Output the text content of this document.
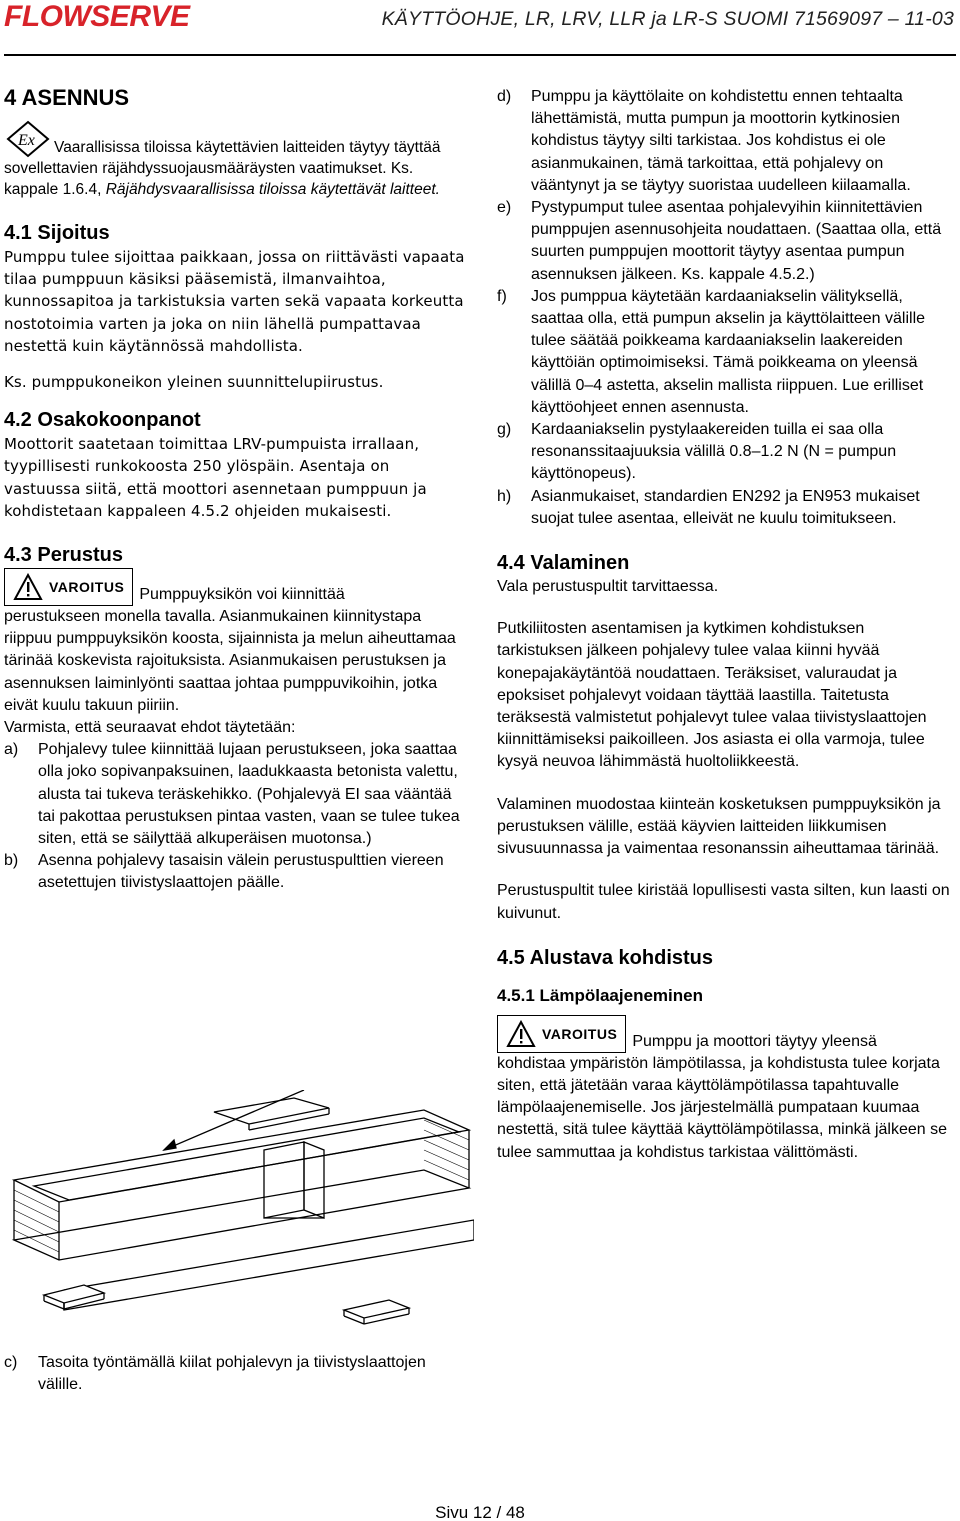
FLOWSERVE	KÄYTTÖOHJE, LR, LRV, LLR ja LR-S SUOMI 71569097 – 11-03
4 ASENNUS

Ex Vaarallisissa tiloissa käytettävien laitteiden täytyy täyttää sovellettavien räjähdyssuojausmääräysten vaatimukset. Ks. kappale 1.6.4, Räjähdysvaarallisissa tiloissa käytettävät laitteet.

4.1 Sijoitus

Pumppu tulee sijoittaa paikkaan, jossa on riittävästi vapaata tilaa pumppuun käsiksi pääsemistä, ilmanvaihtoa, kunnossapitoa ja tarkistuksia varten sekä vapaata korkeutta nostotoimia varten ja joka on niin lähellä pumpattavaa nestettä kuin käytännössä mahdollista.

Ks. pumppukoneikon yleinen suunnittelupiirustus.

4.2 Osakokoonpanot

Moottorit saatetaan toimittaa LRV-pumpuista irrallaan, tyypillisesti runkokoosta 250 ylöspäin. Asentaja on vastuussa siitä, että moottori asennetaan pumppuun ja kohdistetaan kappaleen 4.5.2 ohjeiden mukaisesti.

4.3 Perustus

VAROITUS Pumppuyksikön voi kiinnittää

perustukseen monella tavalla. Asianmukainen kiinnitystapa riippuu pumppuyksikön koosta, sijainnista ja melun aiheuttamaa tärinää koskevista rajoituksista. Asianmukaisen perustuksen ja asennuksen laiminlyönti saattaa johtaa pumppuvikoihin, jotka eivät kuulu takuun piiriin.

Varmista, että seuraavat ehdot täytetään:

a) Pohjalevy tulee kiinnittää lujaan perustukseen, joka saattaa olla joko sopivanpaksuinen, laadukkaasta betonista valettu, alusta tai tukeva teräskehikko. (Pohjalevyä EI saa vääntää tai pakottaa perustuksen pintaa vasten, vaan se tulee tukea siten, että se säilyttää alkuperäisen muotonsa.)
b) Asenna pohjalevy tasaisin välein perustuspulttien viereen asetettujen tiivistyslaattojen päälle.
c) Tasoita työntämällä kiilat pohjalevyn ja tiivistyslaattojen välille.
d) Pumppu ja käyttölaite on kohdistettu ennen tehtaalta lähettämistä, mutta pumpun ja moottorin kytkinosien kohdistus täytyy silti tarkistaa. Jos kohdistus ei ole asianmukainen, tämä tarkoittaa, että pohjalevy on vääntynyt ja se täytyy suoristaa uudelleen kiilaamalla.
e) Pystypumput tulee asentaa pohjalevyihin kiinnitettävien pumppujen asennusohjeita noudattaen. (Saattaa olla, että suurten pumppujen moottorit täytyy asentaa pumpun asennuksen jälkeen. Ks. kappale 4.5.2.)
f) Jos pumppua käytetään kardaaniakselin välityksellä, saattaa olla, että pumpun akselin ja käyttölaitteen välille tulee säätää poikkeama kardaaniakselin laakereiden käyttöiän optimoimiseksi. Tämä poikkeama on yleensä välillä 0–4 astetta, akselin mallista riippuen. Lue erilliset käyttöohjeet ennen asennusta.
g) Kardaaniakselin pystylaakereiden tuilla ei saa olla resonanssitaajuuksia välillä 0.8–1.2 N (N = pumpun käyttönopeus).
h) Asianmukaiset, standardien EN292 ja EN953 mukaiset suojat tulee asentaa, elleivät ne kuulu toimitukseen.
4.4 Valaminen

Vala perustuspultit tarvittaessa.

Putkiliitosten asentamisen ja kytkimen kohdistuksen tarkistuksen jälkeen pohjalevy tulee valaa kiinni hyvää konepajakäytäntöä noudattaen. Teräksiset, valuraudat ja epoksiset pohjalevyt voidaan täyttää laastilla. Taitetusta teräksestä valmistetut pohjalevyt tulee valaa tiivistyslaattojen kiinnittämiseksi paikoilleen. Jos asiasta ei olla varmoja, tulee kysyä neuvoa lähimmästä huoltoliikkeestä.

Valaminen muodostaa kiinteän kosketuksen pumppuyksikön ja perustuksen välille, estää käyvien laitteiden liikkumisen sivusuunnassa ja vaimentaa resonanssin aiheuttamaa tärinää.

Perustuspultit tulee kiristää lopullisesti vasta silten, kun laasti on kuivunut.

4.5 Alustava kohdistus
4.5.1 Lämpölaajeneminen

VAROITUS Pumppu ja moottori täytyy yleensä

kohdistaa ympäristön lämpötilassa, ja kohdistusta tulee korjata siten, että jätetään varaa käyttölämpötilassa tapahtuvalle lämpölaajenemiselle. Jos järjestelmällä pumpataan kuumaa nestettä, sitä tulee käyttää käyttölämpötilassa, minkä jälkeen se tulee sammuttaa ja kohdistus tarkistaa välittömästi.

Sivu 12 / 48
